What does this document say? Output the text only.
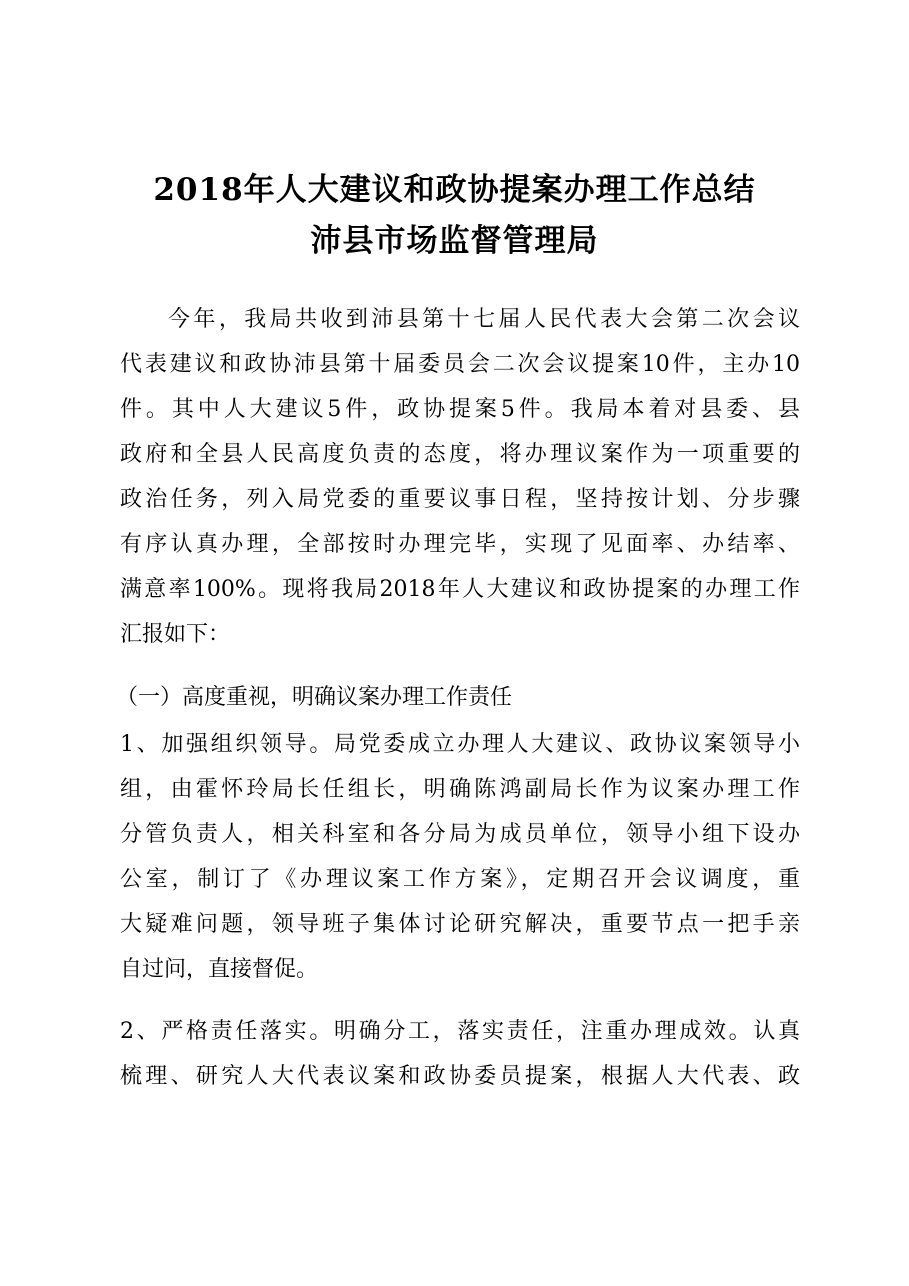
2018年人大建议和政协提案办理工作总结
沛县市场监督管理局
今年，我局共收到沛县第十七届人民代表大会第二次会议
代表建议和政协沛县第十届委员会二次会议提案10件，主办10
件。其中人大建议5件，政协提案5件。我局本着对县委、县
政府和全县人民高度负责的态度，将办理议案作为一项重要的
政治任务，列入局党委的重要议事日程，坚持按计划、分步骤
有序认真办理，全部按时办理完毕，实现了见面率、办结率、
满意率100%。现将我局2018年人大建议和政协提案的办理工作
汇报如下：
（一）高度重视，明确议案办理工作责任
1、加强组织领导。局党委成立办理人大建议、政协议案领导小
组，由霍怀玲局长任组长，明确陈鸿副局长作为议案办理工作
分管负责人，相关科室和各分局为成员单位，领导小组下设办
公室，制订了《办理议案工作方案》，定期召开会议调度，重
大疑难问题，领导班子集体讨论研究解决，重要节点一把手亲
自过问，直接督促。
2、严格责任落实。明确分工，落实责任，注重办理成效。认真
梳理、研究人大代表议案和政协委员提案，根据人大代表、政
